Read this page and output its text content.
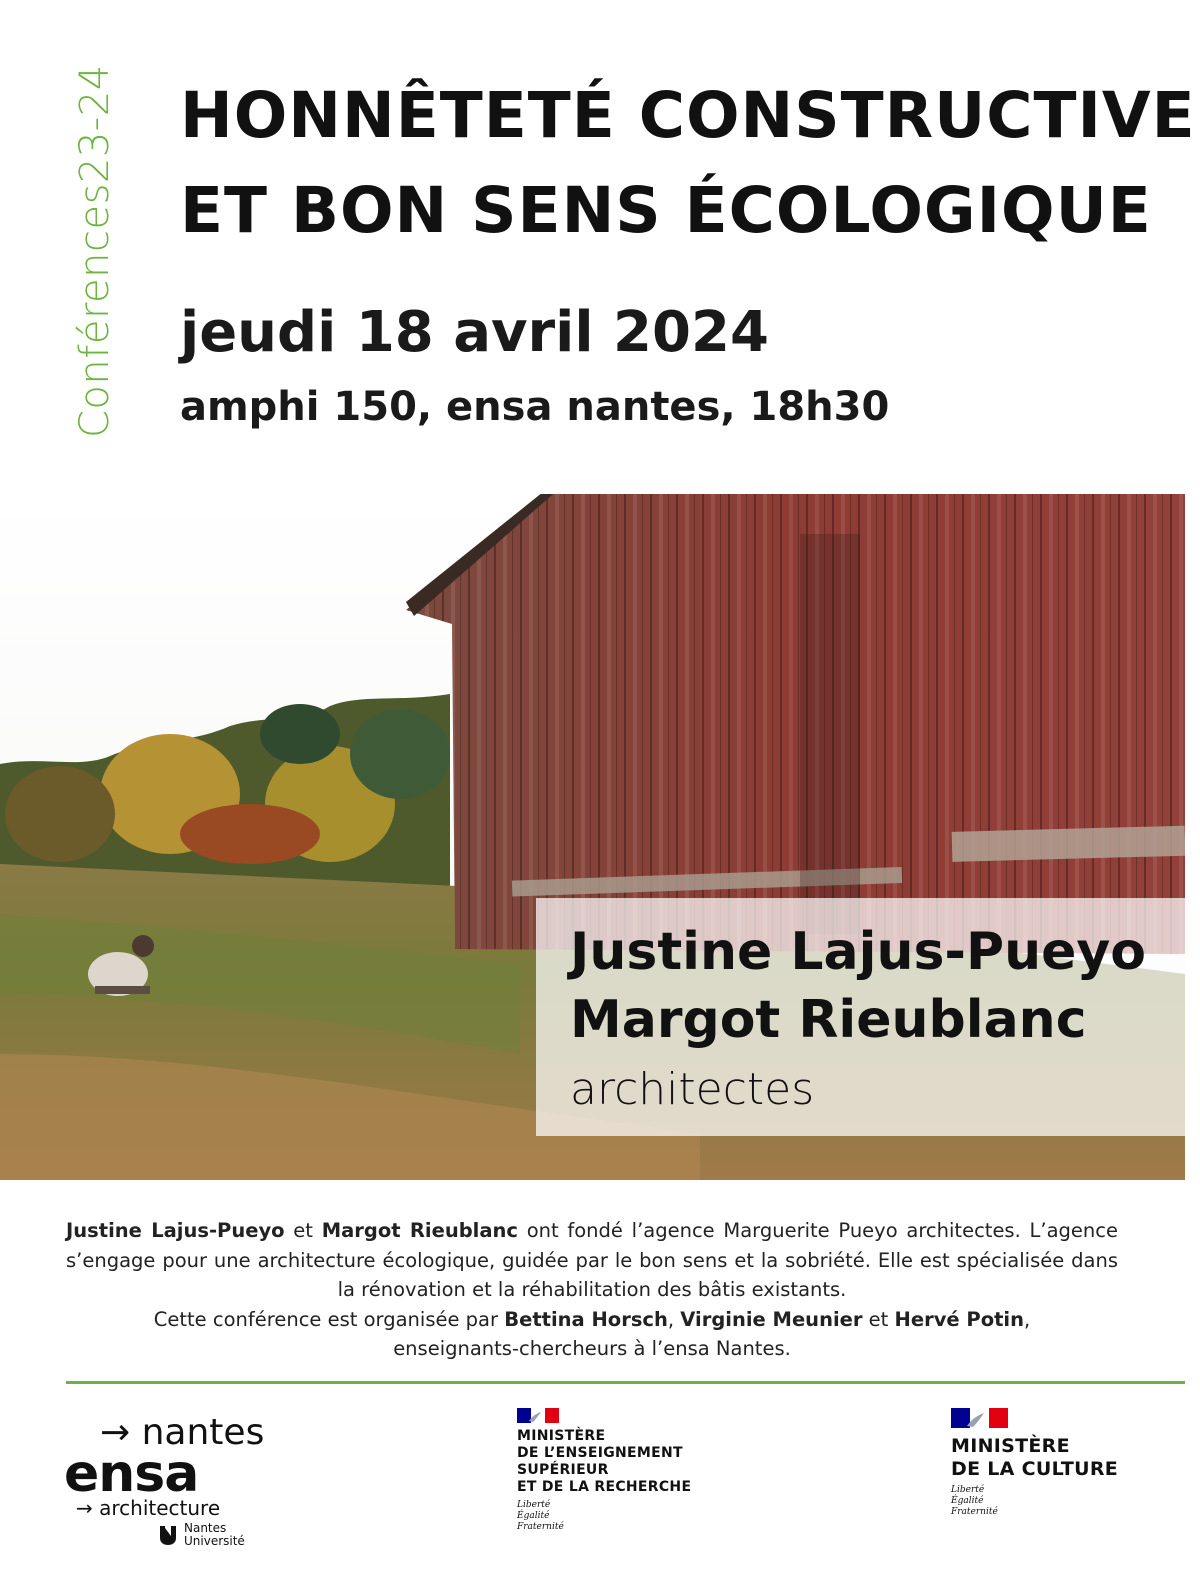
Conférences23-24 HONNÊTETÉ CONSTRUCTIVE
ET BON SENS ÉCOLOGIQUE
jeudi 18 avril 2024
amphi 150, ensa nantes, 18h30
Justine Lajus-Pueyo
Margot Rieublanc
architectes

Justine Lajus-Pueyo et Margot Rieublanc ont fondé l’agence Marguerite Pueyo architectes. L’agence s’engage pour une architecture écologique, guidée par le bon sens et la sobriété. Elle est spécialisée dans la rénovation et la réhabilitation des bâtis existants.

Cette conférence est organisée par Bettina Horsch, Virginie Meunier et Hervé Potin,

enseignants-chercheurs à l’ensa Nantes.

→ nantes
ensa
→ architecture
Nantes
Université
MINISTÈRE
DE L’ENSEIGNEMENT
SUPÉRIEUR
ET DE LA RECHERCHE
Liberté
Égalité
Fraternité
MINISTÈRE
DE LA CULTURE
Liberté
Égalité
Fraternité
